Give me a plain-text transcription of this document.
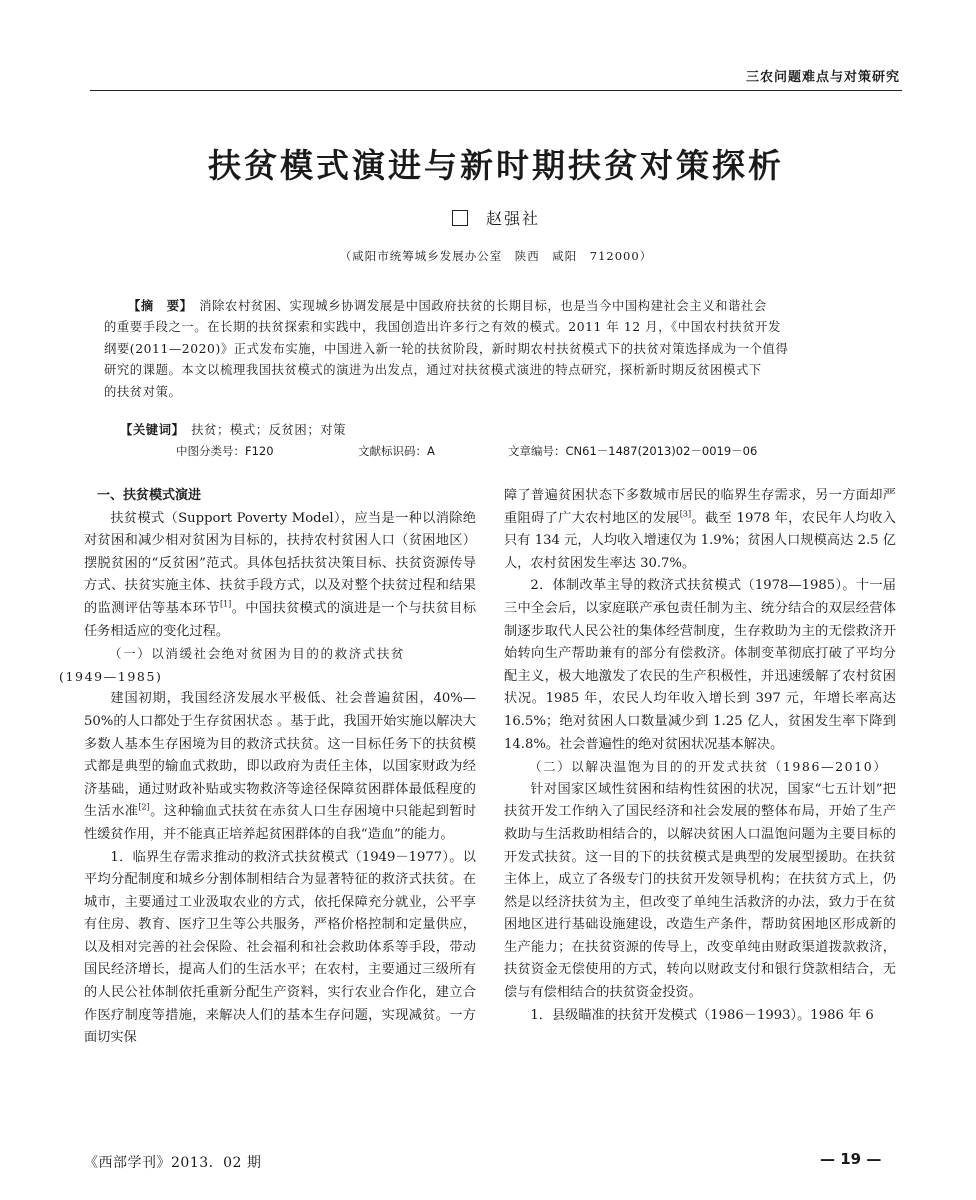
三农问题难点与对策研究
扶贫模式演进与新时期扶贫对策探析
赵强社
（咸阳市统筹城乡发展办公室　陕西　咸阳　712000）
【摘　要】　 消除农村贫困、实现城乡协调发展是中国政府扶贫的长期目标，也是当今中国构建社会主义和谐社会
的重要手段之一。在长期的扶贫探索和实践中，我国创造出许多行之有效的模式。2011 年 12 月，《中国农村扶贫开发
纲要(2011—2020)》正式发布实施，中国进入新一轮的扶贫阶段，新时期农村扶贫模式下的扶贫对策选择成为一个值得
研究的课题。本文以梳理我国扶贫模式的演进为出发点，通过对扶贫模式演进的特点研究，探析新时期反贫困模式下
的扶贫对策。
【关键词】　 扶贫；模式；反贫困；对策
中图分类号：F120	文献标识码：A	文章编号：CN61－1487(2013)02－0019－06
　一、扶贫模式演进

扶贫模式（Support Poverty Model），应当是一种以消除绝对贫困和减少相对贫困为目标的，扶持农村贫困人口（贫困地区）摆脱贫困的“反贫困”范式。具体包括扶贫决策目标、扶贫资源传导方式、扶贫实施主体、扶贫手段方式，以及对整个扶贫过程和结果的监测评估等基本环节[1]。中国扶贫模式的演进是一个与扶贫目标任务相适应的变化过程。

（一）以消缓社会绝对贫困为目的的救济式扶贫
(1949—1985)

建国初期，我国经济发展水平极低、社会普遍贫困，40%—50%的人口都处于生存贫困状态 。基于此，我国开始实施以解决大多数人基本生存困境为目的救济式扶贫。这一目标任务下的扶贫模式都是典型的输血式救助，即以政府为责任主体，以国家财政为经济基础，通过财政补贴或实物救济等途径保障贫困群体最低程度的生活水准[2]。这种输血式扶贫在赤贫人口生存困境中只能起到暂时性缓贫作用，并不能真正培养起贫困群体的自我“造血”的能力。

1．临界生存需求推动的救济式扶贫模式（1949－1977）。以平均分配制度和城乡分割体制相结合为显著特征的救济式扶贫。在城市，主要通过工业汲取农业的方式，依托保障充分就业，公平享有住房、教育、医疗卫生等公共服务，严格价格控制和定量供应，以及相对完善的社会保险、社会福利和社会救助体系等手段，带动国民经济增长，提高人们的生活水平；在农村，主要通过三级所有的人民公社体制依托重新分配生产资料，实行农业合作化，建立合作医疗制度等措施，来解决人们的基本生存问题，实现减贫。一方面切实保

障了普遍贫困状态下多数城市居民的临界生存需求，另一方面却严重阻碍了广大农村地区的发展[3]。截至 1978 年，农民年人均收入只有 134 元，人均收入增速仅为 1.9%；贫困人口规模高达 2.5 亿人，农村贫困发生率达 30.7%。

2．体制改革主导的救济式扶贫模式（1978—1985）。十一届三中全会后，以家庭联产承包责任制为主、统分结合的双层经营体制逐步取代人民公社的集体经营制度，生存救助为主的无偿救济开始转向生产帮助兼有的部分有偿救济。体制变革彻底打破了平均分配主义，极大地激发了农民的生产积极性，并迅速缓解了农村贫困状况。1985 年，农民人均年收入增长到 397 元，年增长率高达 16.5%；绝对贫困人口数量减少到 1.25 亿人，贫困发生率下降到 14.8%。社会普遍性的绝对贫困状况基本解决。

（二）以解决温饱为目的的开发式扶贫（1986—2010）

针对国家区域性贫困和结构性贫困的状况，国家“七五计划”把扶贫开发工作纳入了国民经济和社会发展的整体布局，开始了生产救助与生活救助相结合的，以解决贫困人口温饱问题为主要目标的开发式扶贫。这一目的下的扶贫模式是典型的发展型援助。在扶贫主体上，成立了各级专门的扶贫开发领导机构；在扶贫方式上，仍然是以经济扶贫为主，但改变了单纯生活救济的办法，致力于在贫困地区进行基础设施建设，改造生产条件，帮助贫困地区形成新的生产能力；在扶贫资源的传导上，改变单纯由财政渠道拨款救济，扶贫资金无偿使用的方式，转向以财政支付和银行贷款相结合，无偿与有偿相结合的扶贫资金投资。

1．县级瞄准的扶贫开发模式（1986－1993）。1986 年 6

《西部学刊》2013．02 期	— 19 —
